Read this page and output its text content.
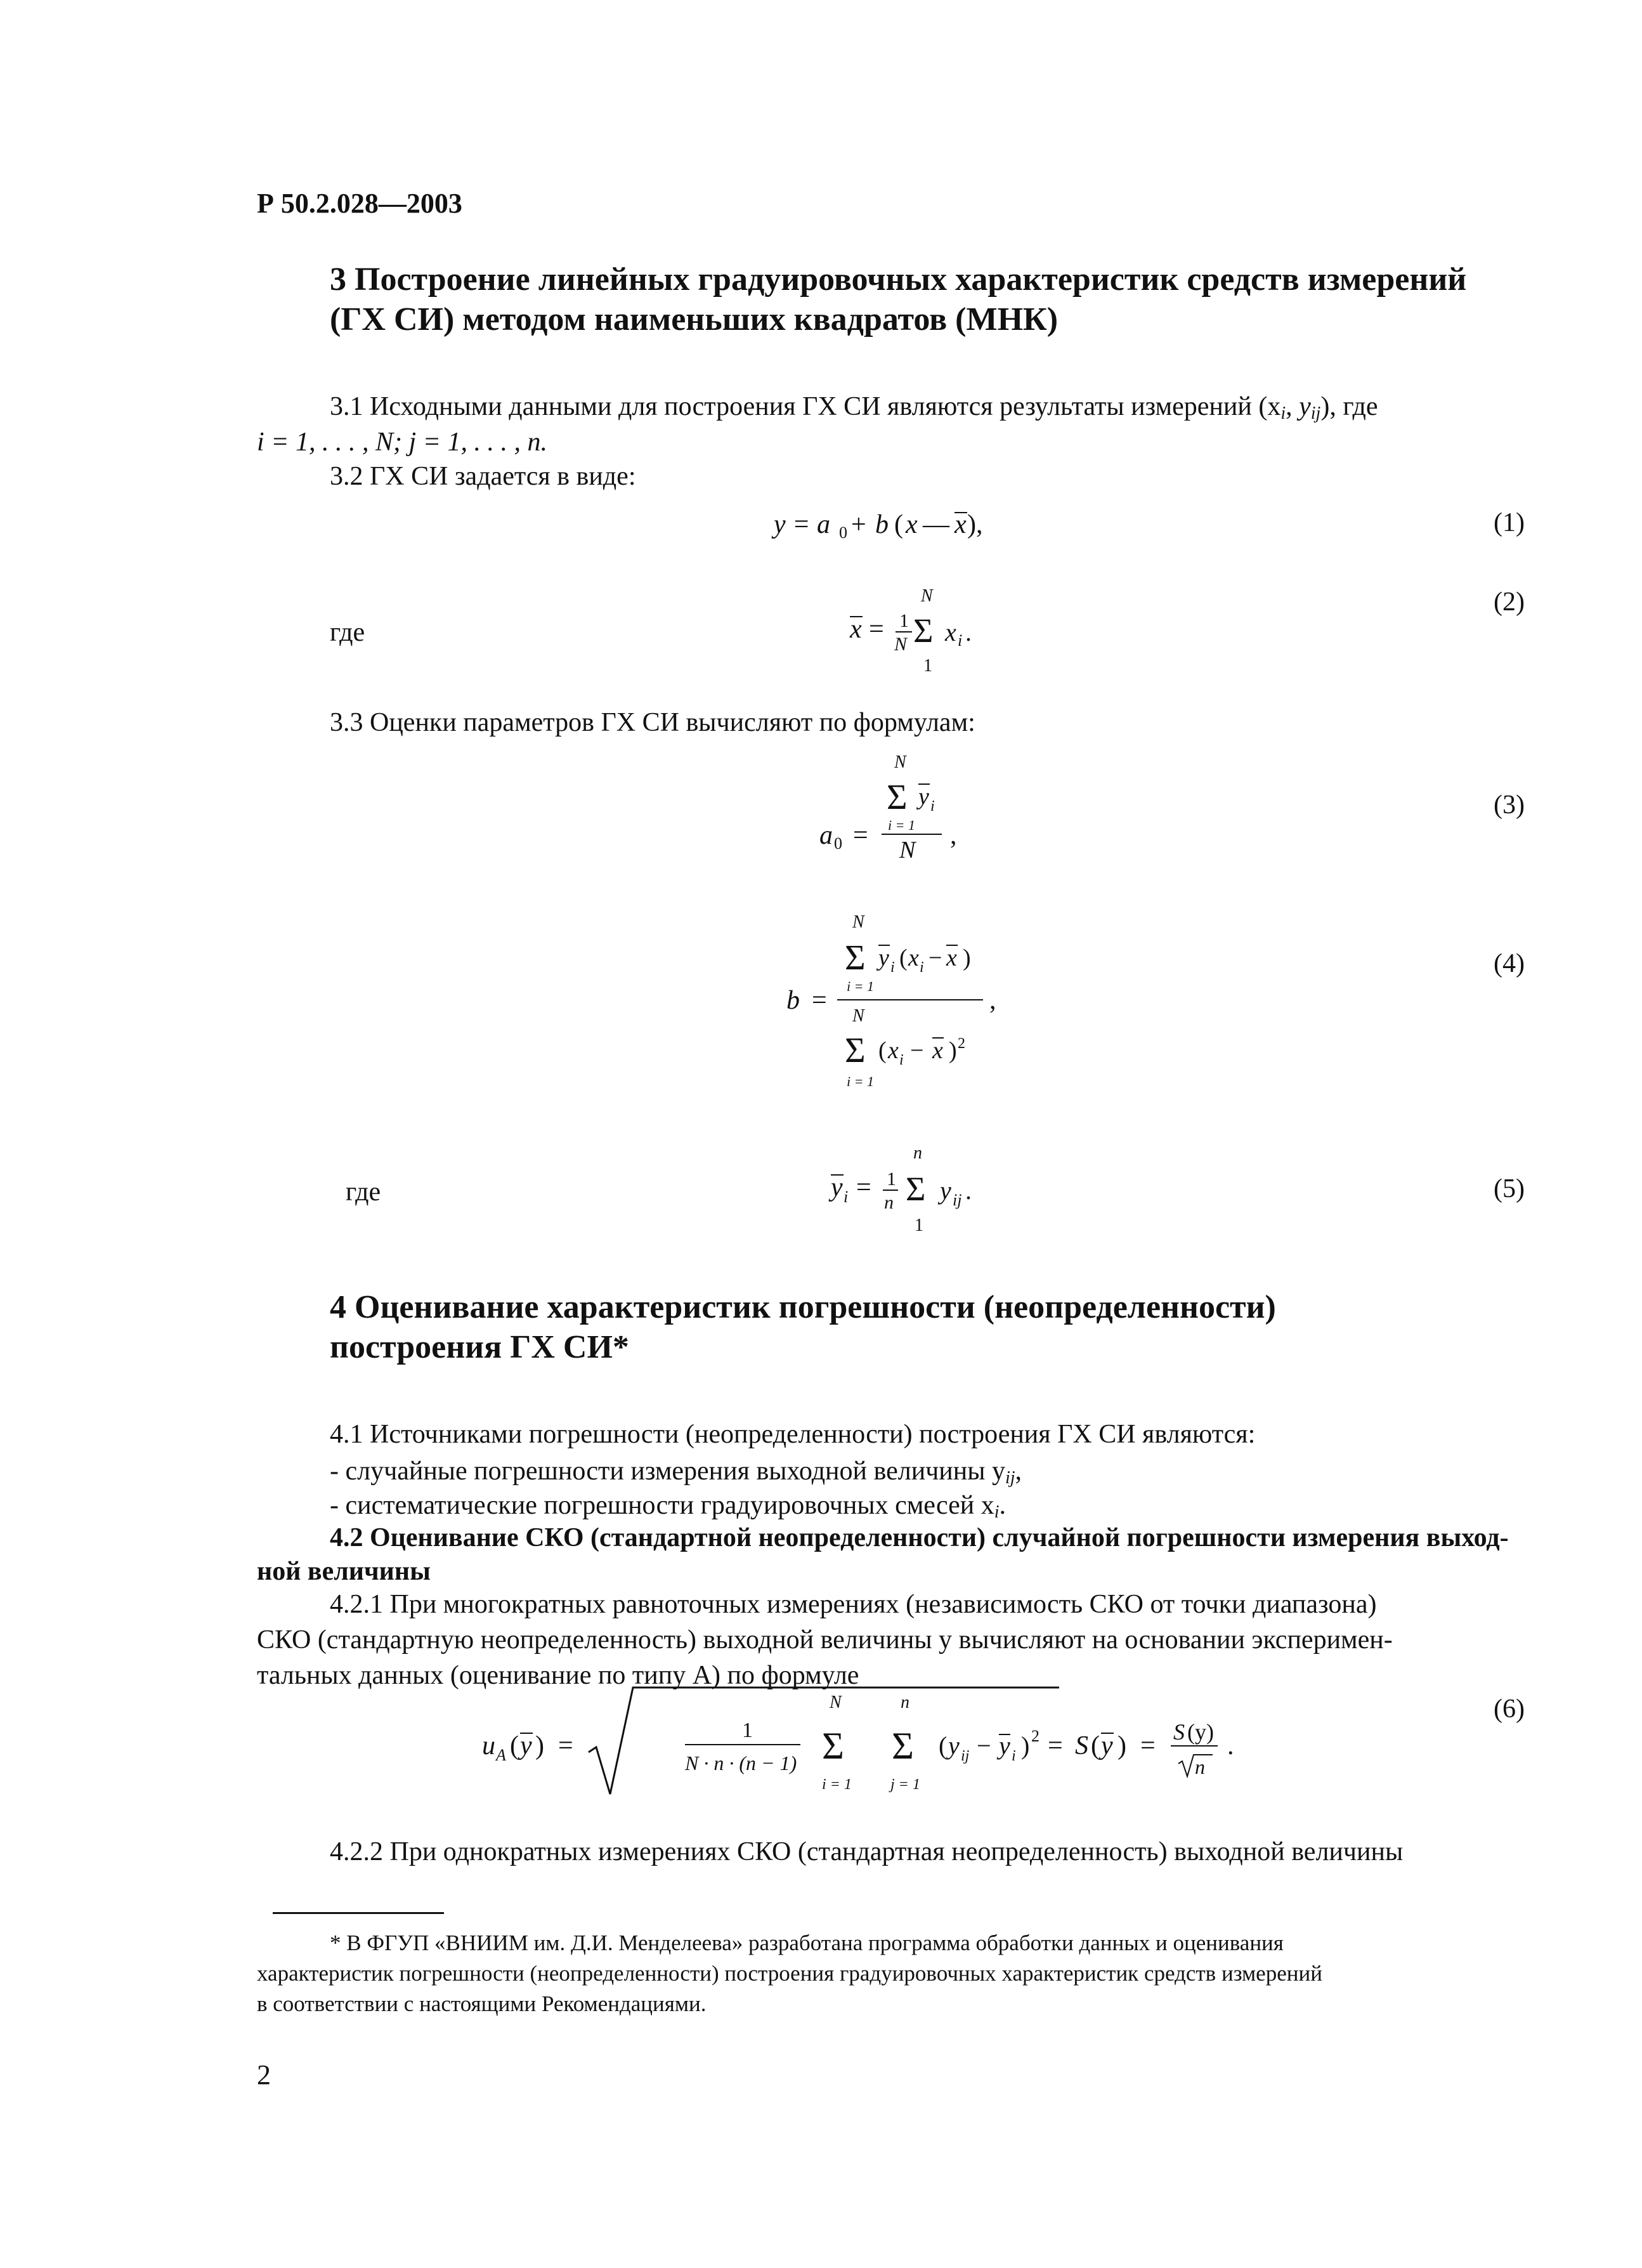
Р 50.2.028—2003
3 Построение линейных градуировочных характеристик средств измерений
(ГХ СИ) методом наименьших квадратов (МНК)
3.1 Исходными данными для построения ГХ СИ являются результаты измерений (xi, yij), где
i = 1, . . . , N; j = 1, . . . , n.
3.2 ГХ СИ задается в виде:
y = a 0 + b ( x — x ),	(1)
где	x = 1
N Σ
N
1
x i .
(2)
3.3 Оценки параметров ГХ СИ вычисляют по формулам:
N
Σ y i
i = 1
a 0 = N ,
(3)
N
Σ y i ( x i − x )
i = 1
b =
N
Σ ( x i − x ) 2
i = 1
,
(4)
где	y i = 1
n Σ
n
1
y ij .	(5)
4 Оценивание характеристик погрешности (неопределенности)
построения ГХ СИ*
4.1 Источниками погрешности (неопределенности) построения ГХ СИ являются:
- случайные погрешности измерения выходной величины yij,
- систематические погрешности градуировочных смесей xi.
4.2 Оценивание СКО (стандартной неопределенности) случайной погрешности измерения выход-
ной величины
4.2.1 При многократных равноточных измерениях (независимость СКО от точки диапазона)
СКО (стандартную неопределенность) выходной величины y вычисляют на основании эксперимен-
тальных данных (оценивание по типу А) по формуле
u A ( y ) =
1
N · n · (n − 1)
N
Σ
i = 1
n
Σ
j = 1
( y ij − y i ) 2 = S ( y ) = S (y)
n
.
(6)
4.2.2 При однократных измерениях СКО (стандартная неопределенность) выходной величины
* В ФГУП «ВНИИМ им. Д.И. Менделеева» разработана программа обработки данных и оценивания
характеристик погрешности (неопределенности) построения градуировочных характеристик средств измерений
в соответствии с настоящими Рекомендациями.
2
